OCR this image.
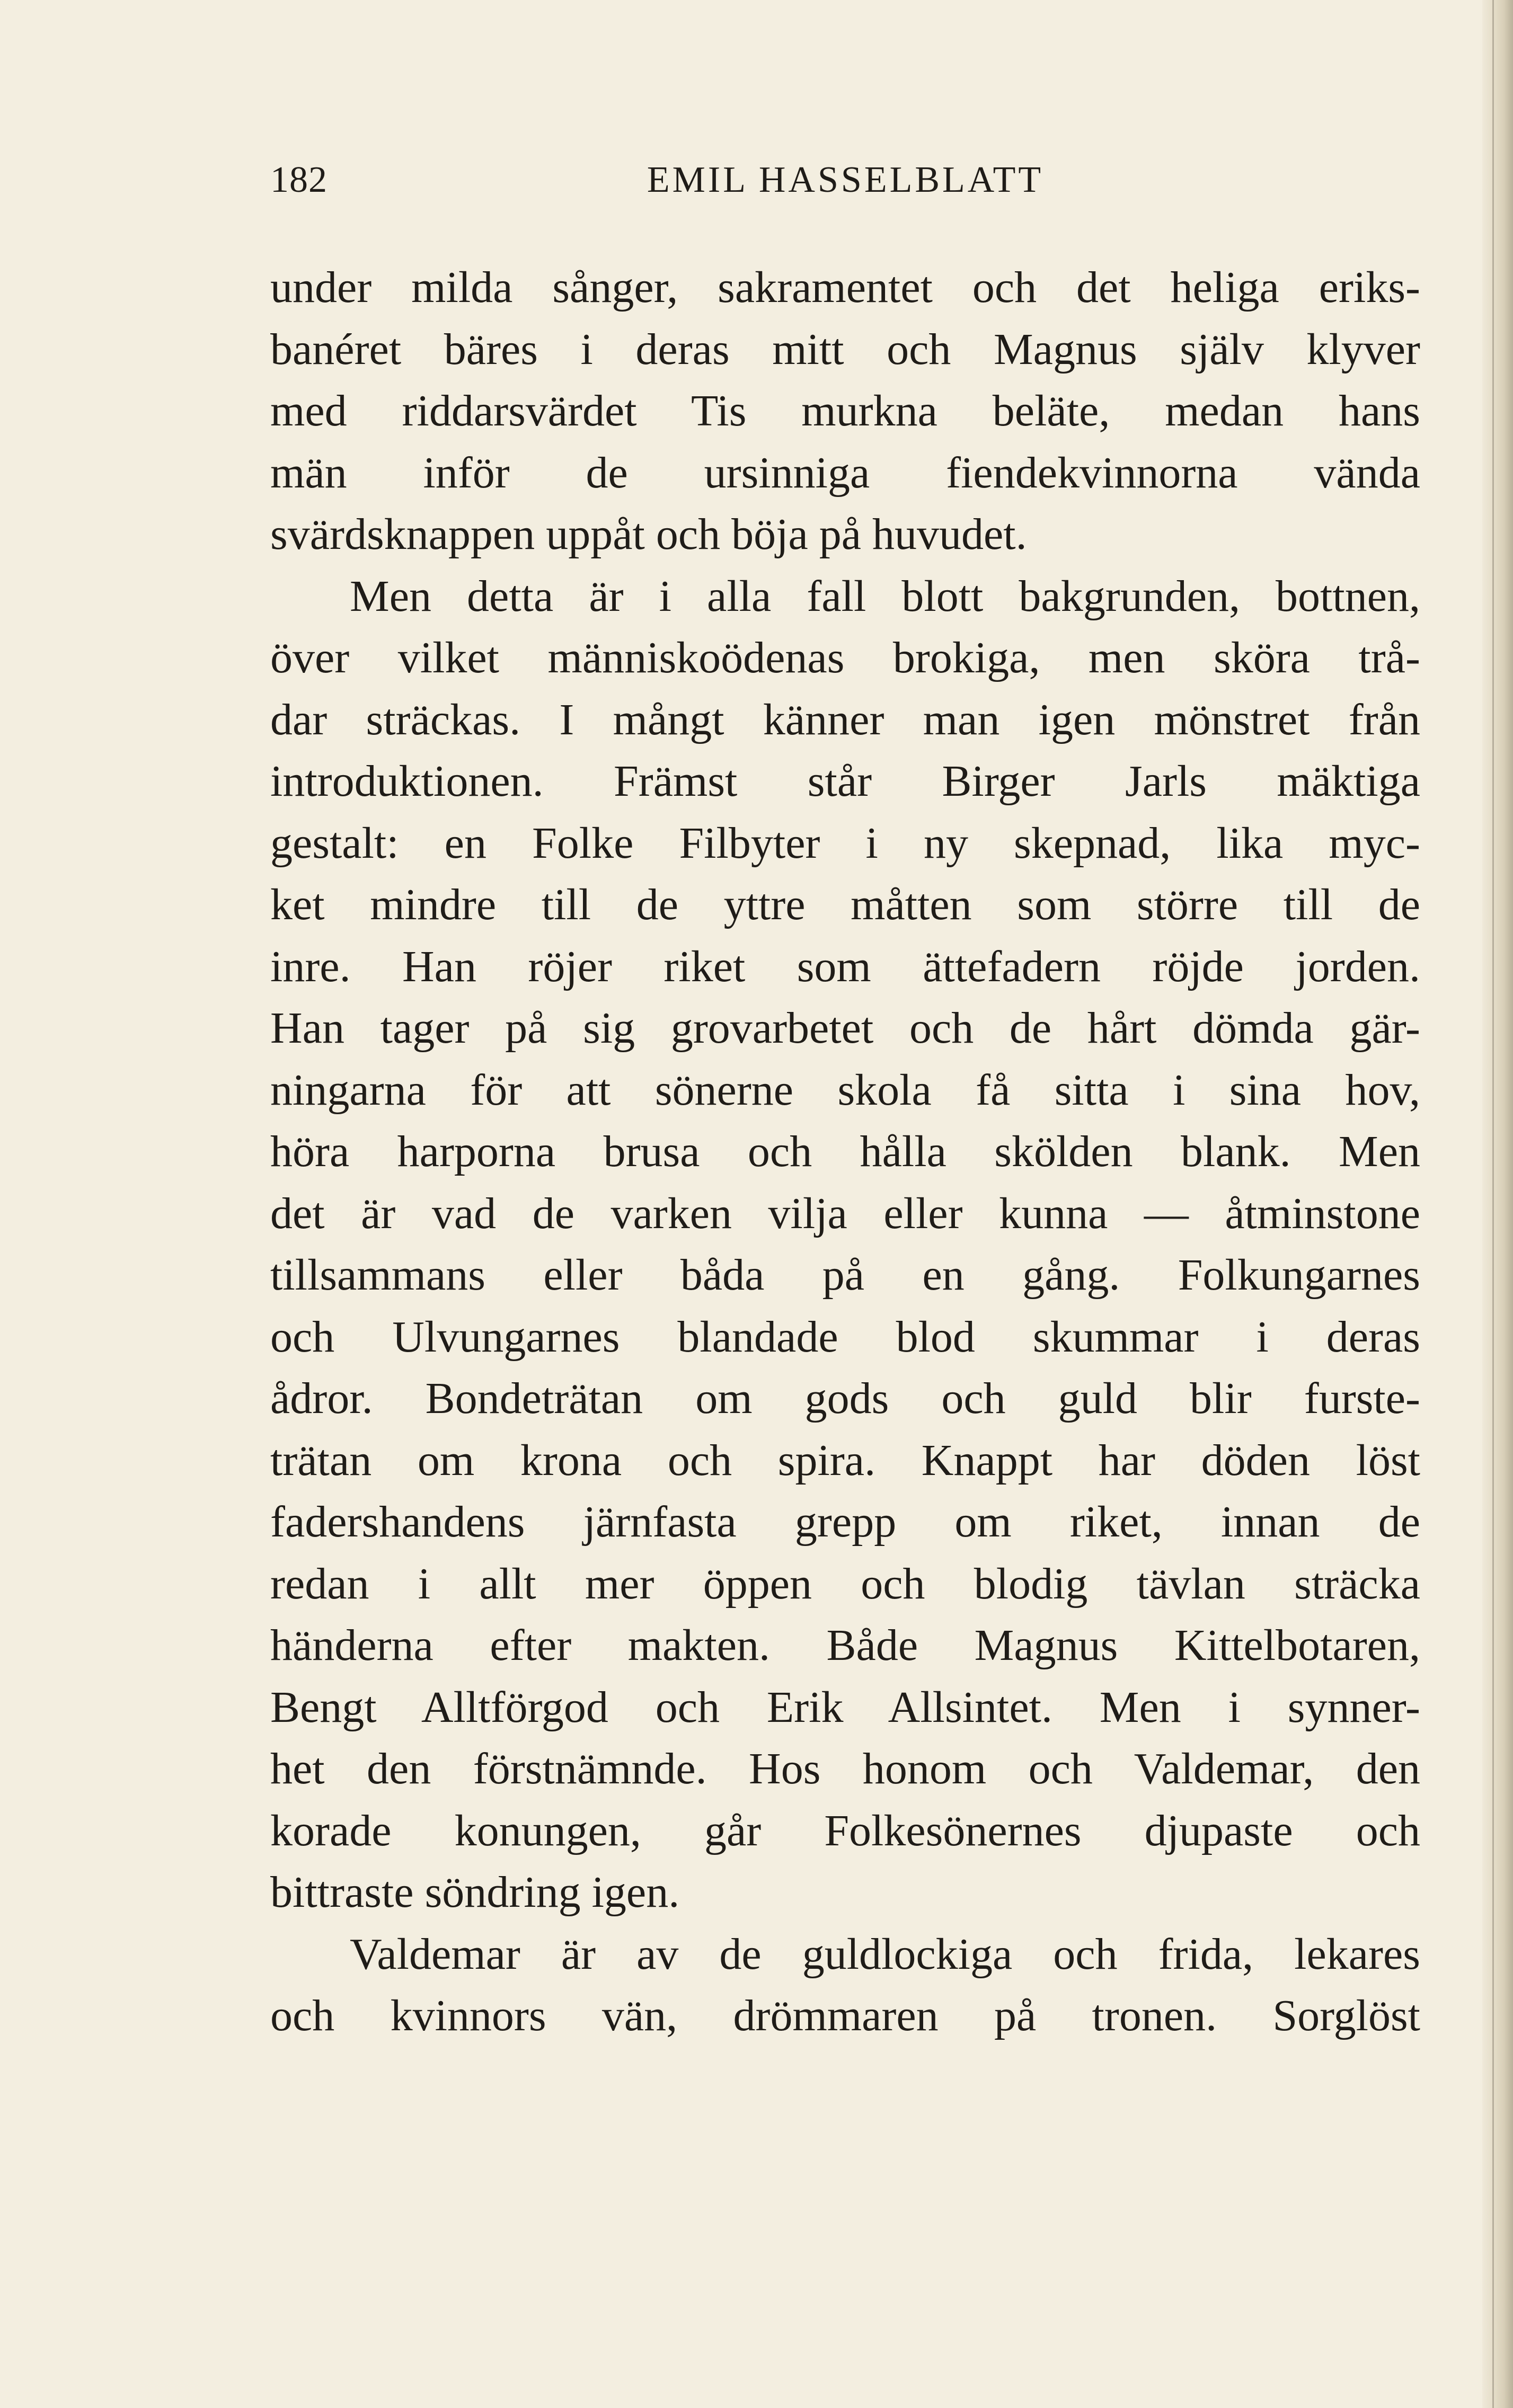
182	EMIL HASSELBLATT
under milda sånger, sakramentet och det heliga eriks-
banéret bäres i deras mitt och Magnus själv klyver
med riddarsvärdet Tis murkna beläte, medan hans
män inför de ursinniga fiendekvinnorna vända
svärdsknappen uppåt och böja på huvudet.
Men detta är i alla fall blott bakgrunden, bottnen,
över vilket människoödenas brokiga, men sköra trå-
dar sträckas. I mångt känner man igen mönstret från
introduktionen. Främst står Birger Jarls mäktiga
gestalt: en Folke Filbyter i ny skepnad, lika myc-
ket mindre till de yttre måtten som större till de
inre. Han röjer riket som ättefadern röjde jorden.
Han tager på sig grovarbetet och de hårt dömda gär-
ningarna för att sönerne skola få sitta i sina hov,
höra harporna brusa och hålla skölden blank. Men
det är vad de varken vilja eller kunna — åtminstone
tillsammans eller båda på en gång. Folkungarnes
och Ulvungarnes blandade blod skummar i deras
ådror. Bondeträtan om gods och guld blir furste-
trätan om krona och spira. Knappt har döden löst
fadershandens järnfasta grepp om riket, innan de
redan i allt mer öppen och blodig tävlan sträcka
händerna efter makten. Både Magnus Kittelbotaren,
Bengt Alltförgod och Erik Allsintet. Men i synner-
het den förstnämnde. Hos honom och Valdemar, den
korade konungen, går Folkesönernes djupaste och
bittraste söndring igen.
Valdemar är av de guldlockiga och frida, lekares
och kvinnors vän, drömmaren på tronen. Sorglöst
